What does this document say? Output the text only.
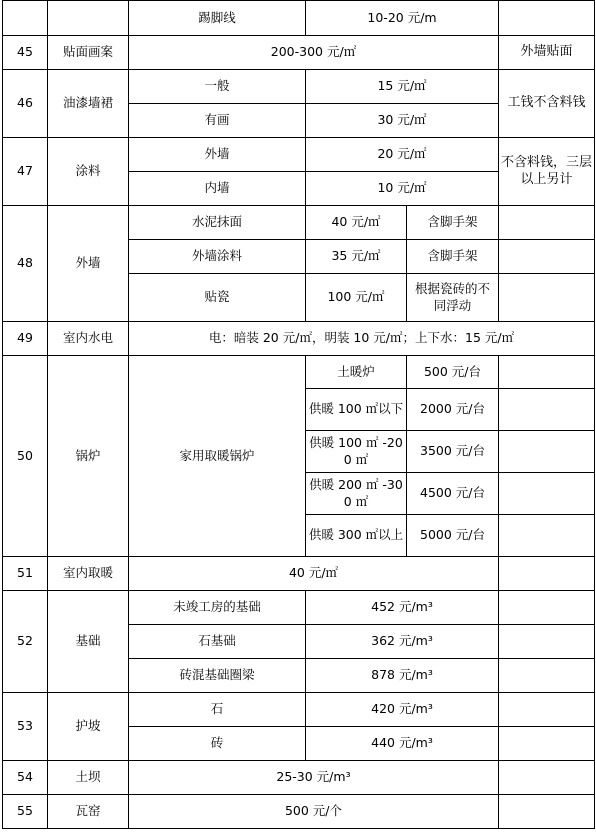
		踢脚线	10-20 元/m		
45	贴面画案	200-300 元/㎡			外墙贴面
46	油漆墙裙	一般	15 元/㎡		工钱不含料钱
		有画	30 元/㎡		
47	涂料	外墙	20 元/㎡		不含料钱，三层以上另计
		内墙	10 元/㎡		
48	外墙	水泥抹面	40 元/㎡	含脚手架	
		外墙涂料	35 元/㎡	含脚手架	
		贴瓷	100 元/㎡	根据瓷砖的不同浮动	
49	室内水电	电：暗装 20 元/㎡，明装 10 元/㎡；上下水：15 元/㎡			
50	锅炉	家用取暖锅炉	土暖炉	500 元/台	
			供暖 100 ㎡以下	2000 元/台	
			供暖 100 ㎡ -200 ㎡	3500 元/台	
			供暖 200 ㎡ -300 ㎡	4500 元/台	
			供暖 300 ㎡以上	5000 元/台	
51	室内取暖	40 元/㎡			
52	基础	未竣工房的基础	452 元/m³		
		石基础	362 元/m³		
		砖混基础圈梁	878 元/m³		
53	护坡	石	420 元/m³		
		砖	440 元/m³		
54	土坝	25-30 元/m³			
55	瓦窑	500 元/个			
